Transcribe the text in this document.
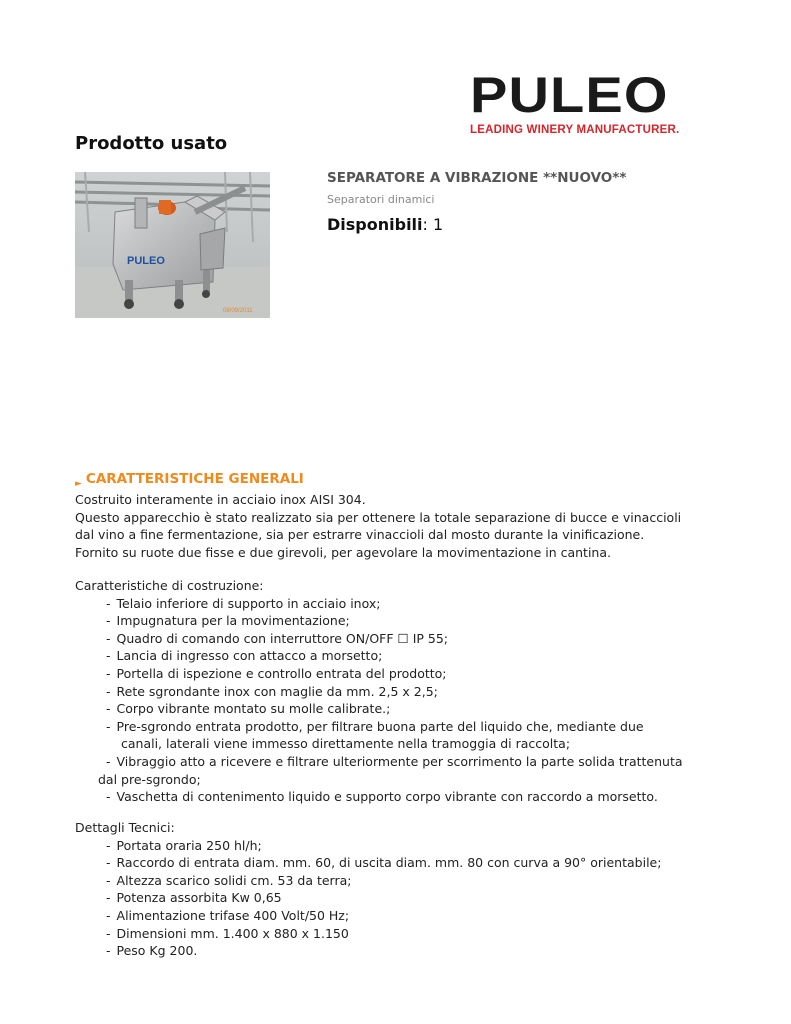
PULEO
LEADING WINERY MANUFACTURER.
Prodotto usato
PULEO
08/09/2011
SEPARATORE A VIBRAZIONE **NUOVO**
Separatori dinamici
Disponibili: 1
► CARATTERISTICHE GENERALI

Costruito interamente in acciaio inox AISI 304.

Questo apparecchio è stato realizzato sia per ottenere la totale separazione di bucce e vinaccioli

dal vino a fine fermentazione, sia per estrarre vinaccioli dal mosto durante la vinificazione.

Fornito su ruote due fisse e due girevoli, per agevolare la movimentazione in cantina.

Caratteristiche di costruzione:

- Telaio inferiore di supporto in acciaio inox;
- Impugnatura per la movimentazione;
- Quadro di comando con interruttore ON/OFF ☐ IP 55;
- Lancia di ingresso con attacco a morsetto;
- Portella di ispezione e controllo entrata del prodotto;
- Rete sgrondante inox con maglie da mm. 2,5 x 2,5;
- Corpo vibrante montato su molle calibrate.;
- Pre-sgrondo entrata prodotto, per filtrare buona parte del liquido che, mediante due
canali, laterali viene immesso direttamente nella tramoggia di raccolta;
- Vibraggio atto a ricevere e filtrare ulteriormente per scorrimento la parte solida trattenuta
dal pre-sgrondo;
- Vaschetta di contenimento liquido e supporto corpo vibrante con raccordo a morsetto.

Dettagli Tecnici:

- Portata oraria 250 hl/h;
- Raccordo di entrata diam. mm. 60, di uscita diam. mm. 80 con curva a 90° orientabile;
- Altezza scarico solidi cm. 53 da terra;
- Potenza assorbita Kw 0,65
- Alimentazione trifase 400 Volt/50 Hz;
- Dimensioni mm. 1.400 x 880 x 1.150
- Peso Kg 200.
